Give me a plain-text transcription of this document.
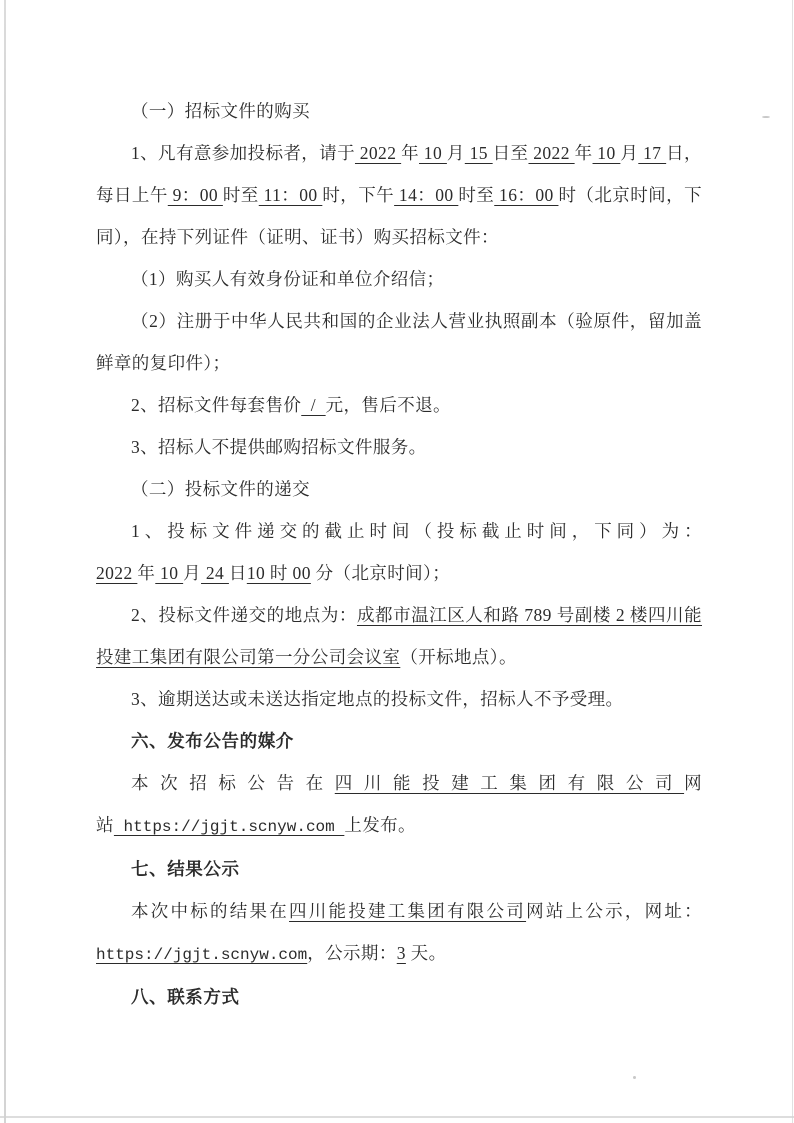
（一）招标文件的购买

1、凡有意参加投标者，请于 2022 年 10 月 15 日至 2022 年 10 月 17 日，每日上午 9：00 时至 11：00 时，下午 14：00 时至 16：00 时（北京时间，下同），在持下列证件（证明、证书）购买招标文件：

（1）购买人有效身份证和单位介绍信；

（2）注册于中华人民共和国的企业法人营业执照副本（验原件，留加盖鲜章的复印件）；

2、招标文件每套售价  /  元，售后不退。

3、招标人不提供邮购招标文件服务。

（二）投标文件的递交

1、投标文件递交的截止时间（投标截止时间，下同）为：2022 年 10 月 24 日10 时 00 分（北京时间）；

2、投标文件递交的地点为：成都市温江区人和路 789 号副楼 2 楼四川能投建工集团有限公司第一分公司会议室（开标地点）。

3、逾期送达或未送达指定地点的投标文件，招标人不予受理。

六、发布公告的媒介

本次招标公告在四川能投建工集团有限公司网站 https://jgjt.scnyw.com 上发布。

七、结果公示

本次中标的结果在四川能投建工集团有限公司网站上公示，网址：https://jgjt.scnyw.com，公示期：3 天。

八、联系方式
